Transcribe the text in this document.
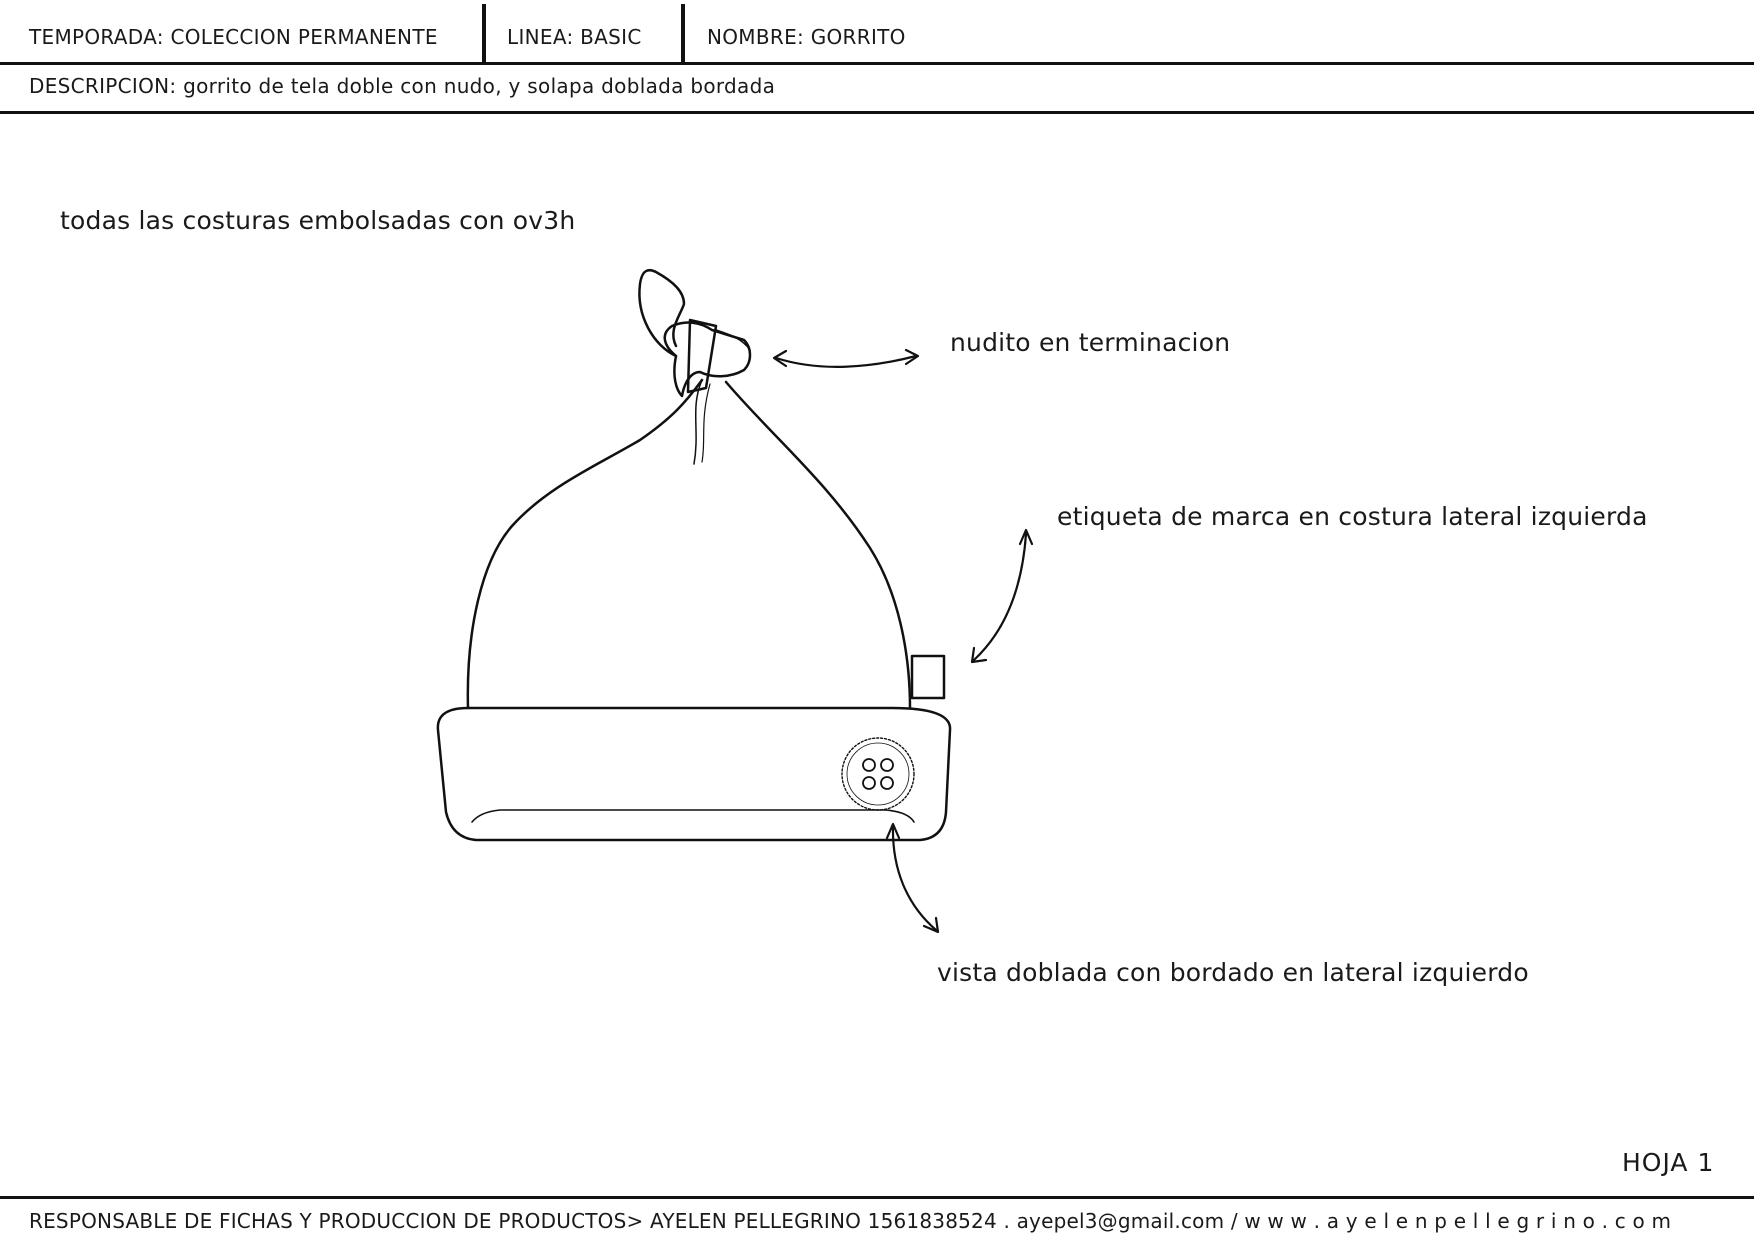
TEMPORADA: COLECCION PERMANENTE	LINEA: BASIC	NOMBRE: GORRITO
DESCRIPCION: gorrito de tela doble con nudo, y solapa doblada bordada
todas las costuras embolsadas con ov3h
nudito en terminacion
etiqueta de marca en costura lateral izquierda
vista doblada con bordado en lateral izquierdo
HOJA 1
RESPONSABLE DE FICHAS Y PRODUCCION DE PRODUCTOS> AYELEN PELLEGRINO 1561838524 . ayepel3@gmail.com / w w w . a y e l e n p e l l e g r i n o . c o m
